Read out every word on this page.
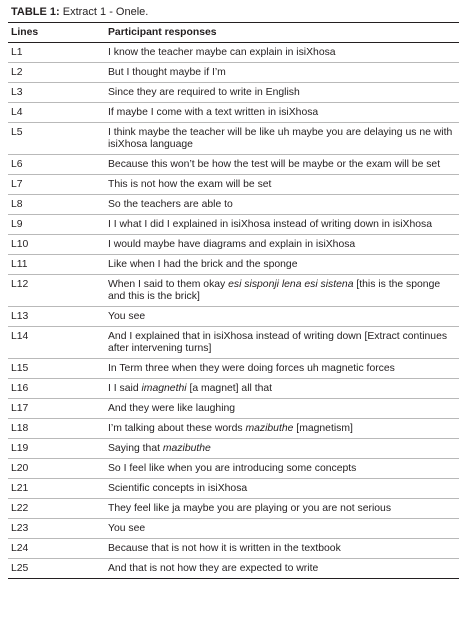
TABLE 1: Extract 1 - Onele.
Lines	Participant responses
L1	I know the teacher maybe can explain in isiXhosa
L2	But I thought maybe if I’m
L3	Since they are required to write in English
L4	If maybe I come with a text written in isiXhosa
L5	I think maybe the teacher will be like uh maybe you are delaying us ne with isiXhosa language
L6	Because this won’t be how the test will be maybe or the exam will be set
L7	This is not how the exam will be set
L8	So the teachers are able to
L9	I I what I did I explained in isiXhosa instead of writing down in isiXhosa
L10	I would maybe have diagrams and explain in isiXhosa
L11	Like when I had the brick and the sponge
L12	When I said to them okay esi sisponji lena esi sistena [this is the sponge and this is the brick]
L13	You see
L14	And I explained that in isiXhosa instead of writing down [Extract continues after intervening turns]
L15	In Term three when they were doing forces uh magnetic forces
L16	I I said imagnethi [a magnet] all that
L17	And they were like laughing
L18	I’m talking about these words mazibuthe [magnetism]
L19	Saying that mazibuthe
L20	So I feel like when you are introducing some concepts
L21	Scientific concepts in isiXhosa
L22	They feel like ja maybe you are playing or you are not serious
L23	You see
L24	Because that is not how it is written in the textbook
L25	And that is not how they are expected to write
